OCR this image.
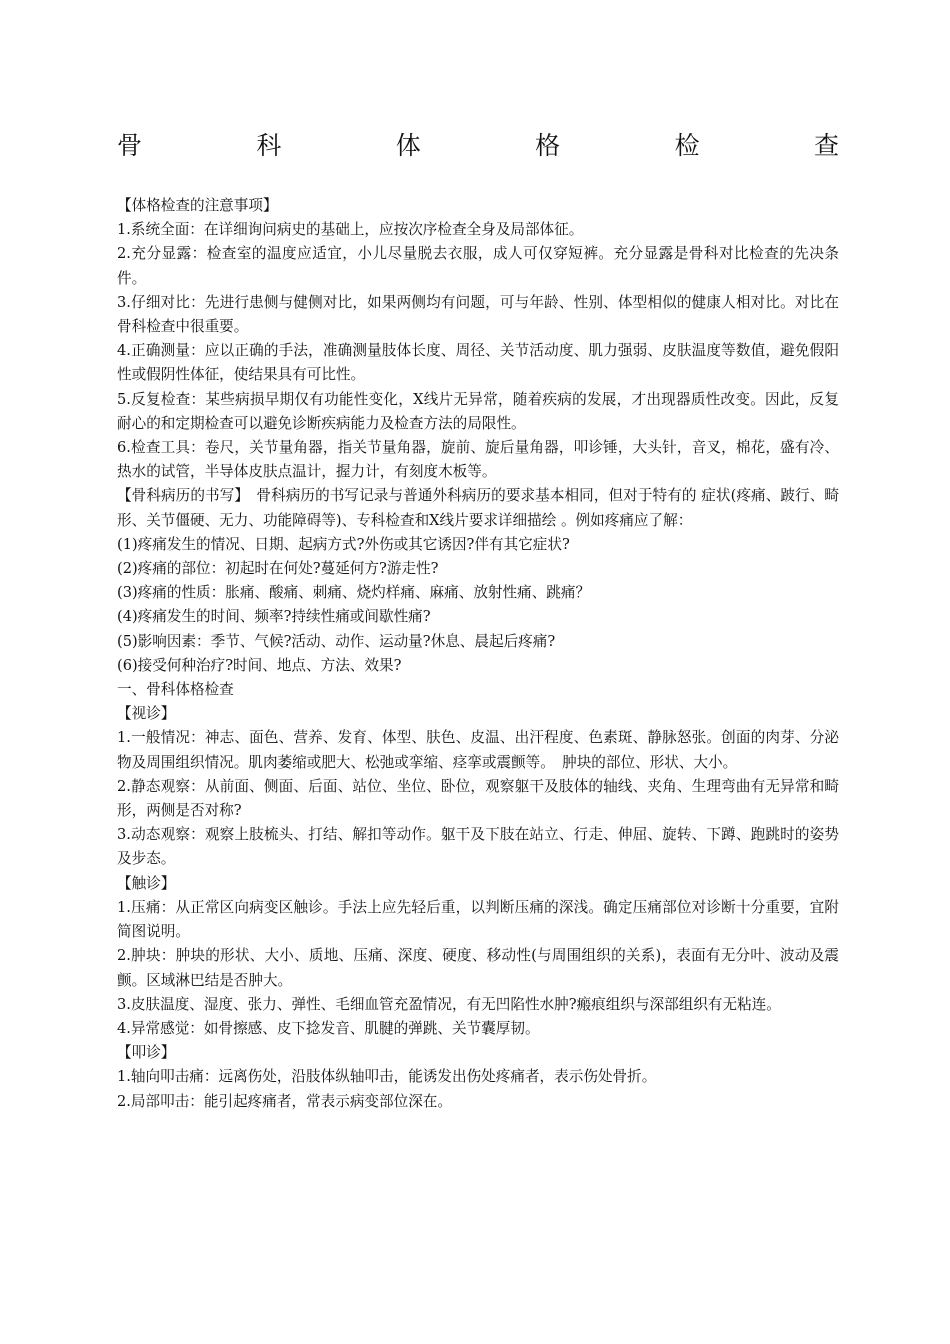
骨	科	体	格	检	查

【体格检查的注意事项】

1.系统全面：在详细询问病史的基础上，应按次序检查全身及局部体征。

2.充分显露：检查室的温度应适宜，小儿尽量脱去衣服，成人可仅穿短裤。充分显露是骨科对比检查的先决条件。

3.仔细对比：先进行患侧与健侧对比，如果两侧均有问题，可与年龄、性别、体型相似的健康人相对比。对比在骨科检查中很重要。

4.正确测量：应以正确的手法，准确测量肢体长度、周径、关节活动度、肌力强弱、皮肤温度等数值，避免假阳性或假阴性体征，使结果具有可比性。

5.反复检查：某些病损早期仅有功能性变化，X线片无异常，随着疾病的发展，才出现器质性改变。因此，反复耐心的和定期检查可以避免诊断疾病能力及检查方法的局限性。

6.检查工具：卷尺，关节量角器，指关节量角器，旋前、旋后量角器，叩诊锤，大头针，音叉，棉花，盛有冷、热水的试管，半导体皮肤点温计，握力计，有刻度木板等。

【骨科病历的书写】　骨科病历的书写记录与普通外科病历的要求基本相同，但对于特有的 症状(疼痛、跛行、畸形、关节僵硬、无力、功能障碍等)、专科检查和X线片要求详细描绘 。例如疼痛应了解：

(1)疼痛发生的情况、日期、起病方式?外伤或其它诱因?伴有其它症状?

(2)疼痛的部位：初起时在何处?蔓延何方?游走性?

(3)疼痛的性质：胀痛、酸痛、刺痛、烧灼样痛、麻痛、放射性痛、跳痛？

(4)疼痛发生的时间、频率?持续性痛或间歇性痛?

(5)影响因素：季节、气候?活动、动作、运动量?休息、晨起后疼痛?

(6)接受何种治疗?时间、地点、方法、效果?

一、骨科体格检查

【视诊】

1.一般情况：神志、面色、营养、发育、体型、肤色、皮温、出汗程度、色素斑、静脉怒张。创面的肉芽、分泌物及周围组织情况。肌肉萎缩或肥大、松弛或挛缩、痉挛或震颤等。　肿块的部位、形状、大小。

2.静态观察：从前面、侧面、后面、站位、坐位、卧位，观察躯干及肢体的轴线、夹角、生理弯曲有无异常和畸形，两侧是否对称?

3.动态观察：观察上肢梳头、打结、解扣等动作。躯干及下肢在站立、行走、伸屈、旋转、下蹲、跑跳时的姿势及步态。

【触诊】

1.压痛：从正常区向病变区触诊。手法上应先轻后重，以判断压痛的深浅。确定压痛部位对诊断十分重要，宜附简图说明。

2.肿块：肿块的形状、大小、质地、压痛、深度、硬度、移动性(与周围组织的关系)，表面有无分叶、波动及震颤。区域淋巴结是否肿大。

3.皮肤温度、湿度、张力、弹性、毛细血管充盈情况，有无凹陷性水肿?瘢痕组织与深部组织有无粘连。

4.异常感觉：如骨擦感、皮下捻发音、肌腱的弹跳、关节囊厚韧。

【叩诊】

1.轴向叩击痛：远离伤处，沿肢体纵轴叩击，能诱发出伤处疼痛者，表示伤处骨折。

2.局部叩击：能引起疼痛者，常表示病变部位深在。
